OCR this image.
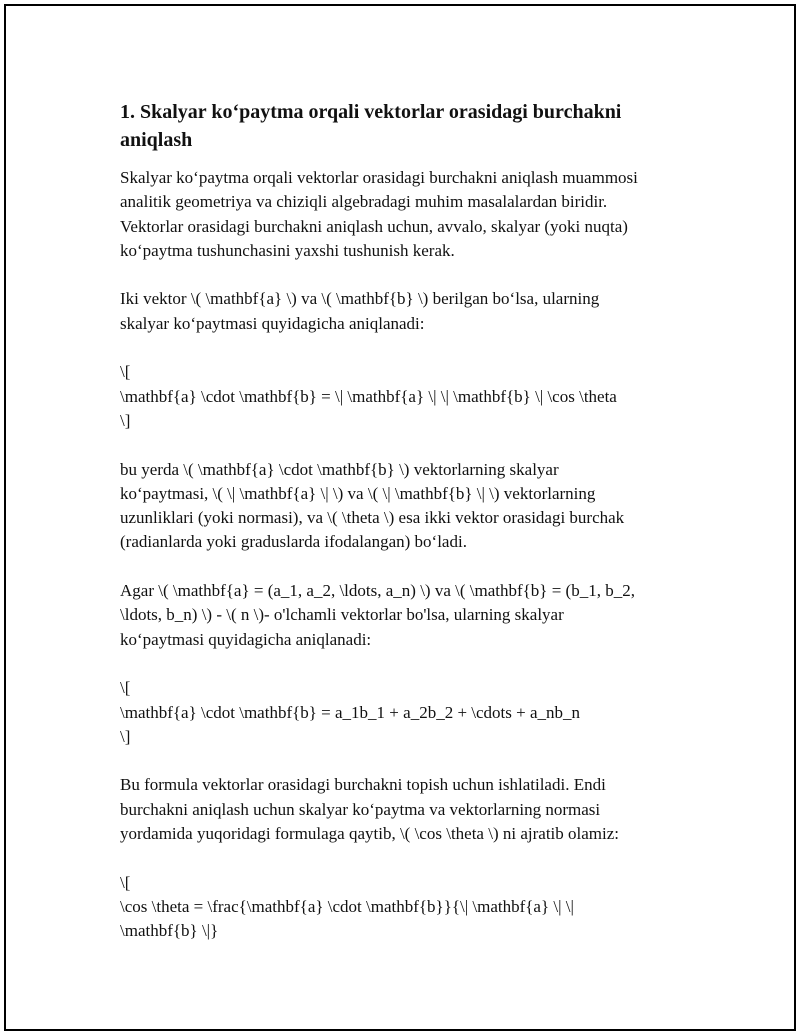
1. Skalyar ko‘paytma orqali vektorlar orasidagi burchakni
aniqlash

Skalyar ko‘paytma orqali vektorlar orasidagi burchakni aniqlash muammosi
analitik geometriya va chiziqli algebradagi muhim masalalardan biridir.
Vektorlar orasidagi burchakni aniqlash uchun, avvalo, skalyar (yoki nuqta)
ko‘paytma tushunchasini yaxshi tushunish kerak.

Iki vektor \( \mathbf{a} \) va \( \mathbf{b} \) berilgan bo‘lsa, ularning
skalyar ko‘paytmasi quyidagicha aniqlanadi:

\[
\mathbf{a} \cdot \mathbf{b} = \| \mathbf{a} \| \| \mathbf{b} \| \cos \theta
\]

bu yerda \( \mathbf{a} \cdot \mathbf{b} \) vektorlarning skalyar
ko‘paytmasi, \( \| \mathbf{a} \| \) va \( \| \mathbf{b} \| \) vektorlarning
uzunliklari (yoki normasi), va \( \theta \) esa ikki vektor orasidagi burchak
(radianlarda yoki graduslarda ifodalangan) bo‘ladi.

Agar \( \mathbf{a} = (a_1, a_2, \ldots, a_n) \) va \( \mathbf{b} = (b_1, b_2,
\ldots, b_n) \) - \( n \)- o'lchamli vektorlar bo'lsa, ularning skalyar
ko‘paytmasi quyidagicha aniqlanadi:

\[
\mathbf{a} \cdot \mathbf{b} = a_1b_1 + a_2b_2 + \cdots + a_nb_n
\]

Bu formula vektorlar orasidagi burchakni topish uchun ishlatiladi. Endi
burchakni aniqlash uchun skalyar ko‘paytma va vektorlarning normasi
yordamida yuqoridagi formulaga qaytib, \( \cos \theta \) ni ajratib olamiz:

\[
\cos \theta = \frac{\mathbf{a} \cdot \mathbf{b}}{\| \mathbf{a} \| \|
\mathbf{b} \|}
